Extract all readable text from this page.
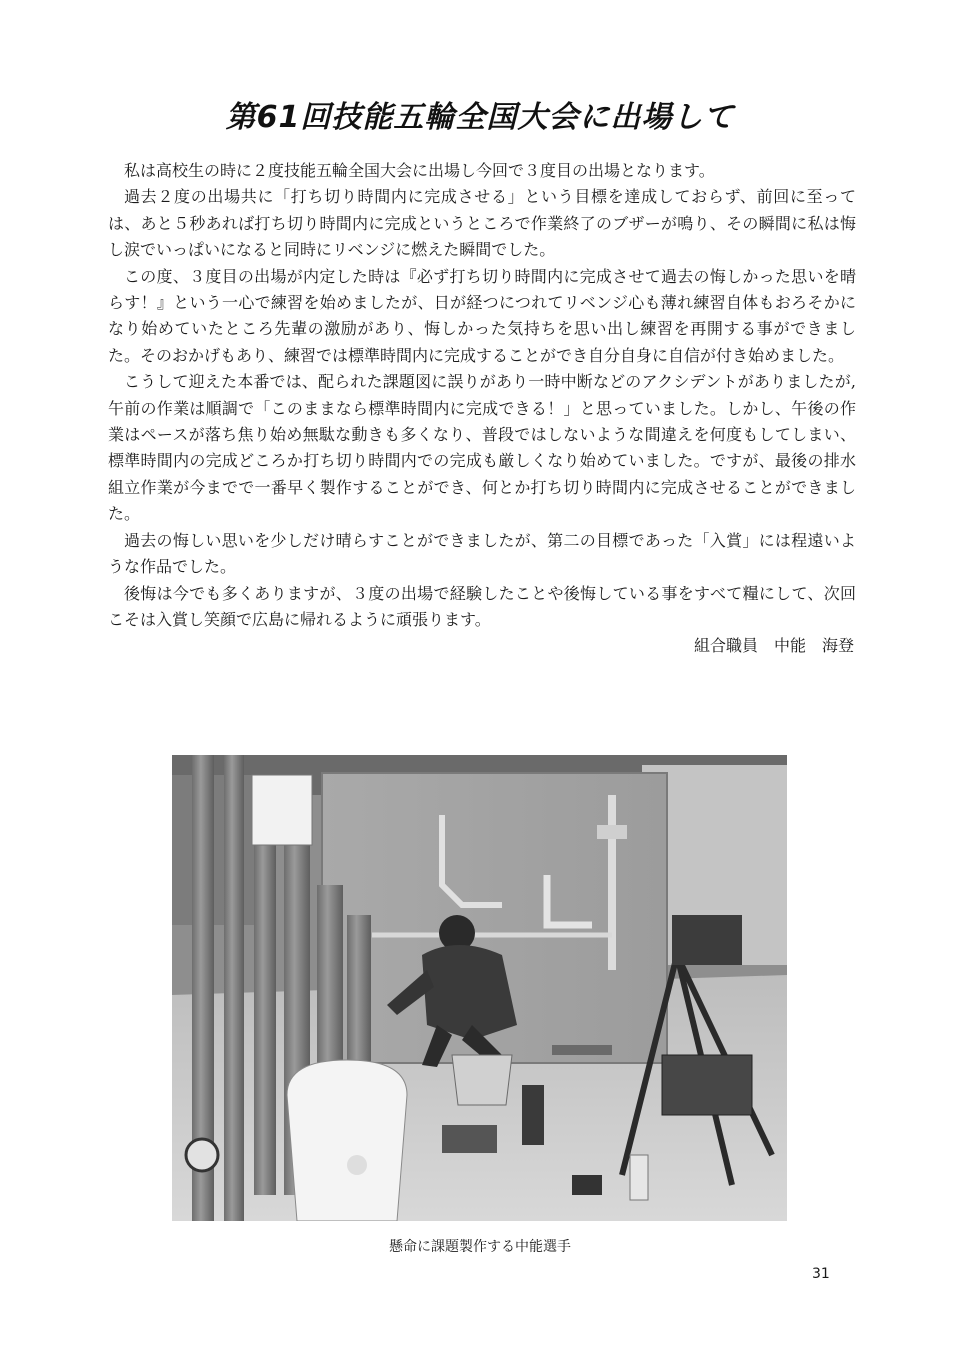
第61回技能五輪全国大会に出場して

私は高校生の時に２度技能五輪全国大会に出場し今回で３度目の出場となります。

過去２度の出場共に「打ち切り時間内に完成させる」という目標を達成しておらず、前回に至っては、あと５秒あれば打ち切り時間内に完成というところで作業終了のブザーが鳴り、その瞬間に私は悔し涙でいっぱいになると同時にリベンジに燃えた瞬間でした。

この度、３度目の出場が内定した時は『必ず打ち切り時間内に完成させて過去の悔しかった思いを晴らす！』という一心で練習を始めましたが、日が経つにつれてリベンジ心も薄れ練習自体もおろそかになり始めていたところ先輩の激励があり、悔しかった気持ちを思い出し練習を再開する事ができました。そのおかげもあり、練習では標準時間内に完成することができ自分自身に自信が付き始めました。

こうして迎えた本番では、配られた課題図に誤りがあり一時中断などのアクシデントがありましたが,午前の作業は順調で「このままなら標準時間内に完成できる！」と思っていました。しかし、午後の作業はペースが落ち焦り始め無駄な動きも多くなり、普段ではしないような間違えを何度もしてしまい、標準時間内の完成どころか打ち切り時間内での完成も厳しくなり始めていました。ですが、最後の排水組立作業が今までで一番早く製作することができ、何とか打ち切り時間内に完成させることができました。

過去の悔しい思いを少しだけ晴らすことができましたが、第二の目標であった「入賞」には程遠いような作品でした。

後悔は今でも多くありますが、３度の出場で経験したことや後悔している事をすべて糧にして、次回こそは入賞し笑顔で広島に帰れるように頑張ります。

組合職員　中能　海登

懸命に課題製作する中能選手
31
